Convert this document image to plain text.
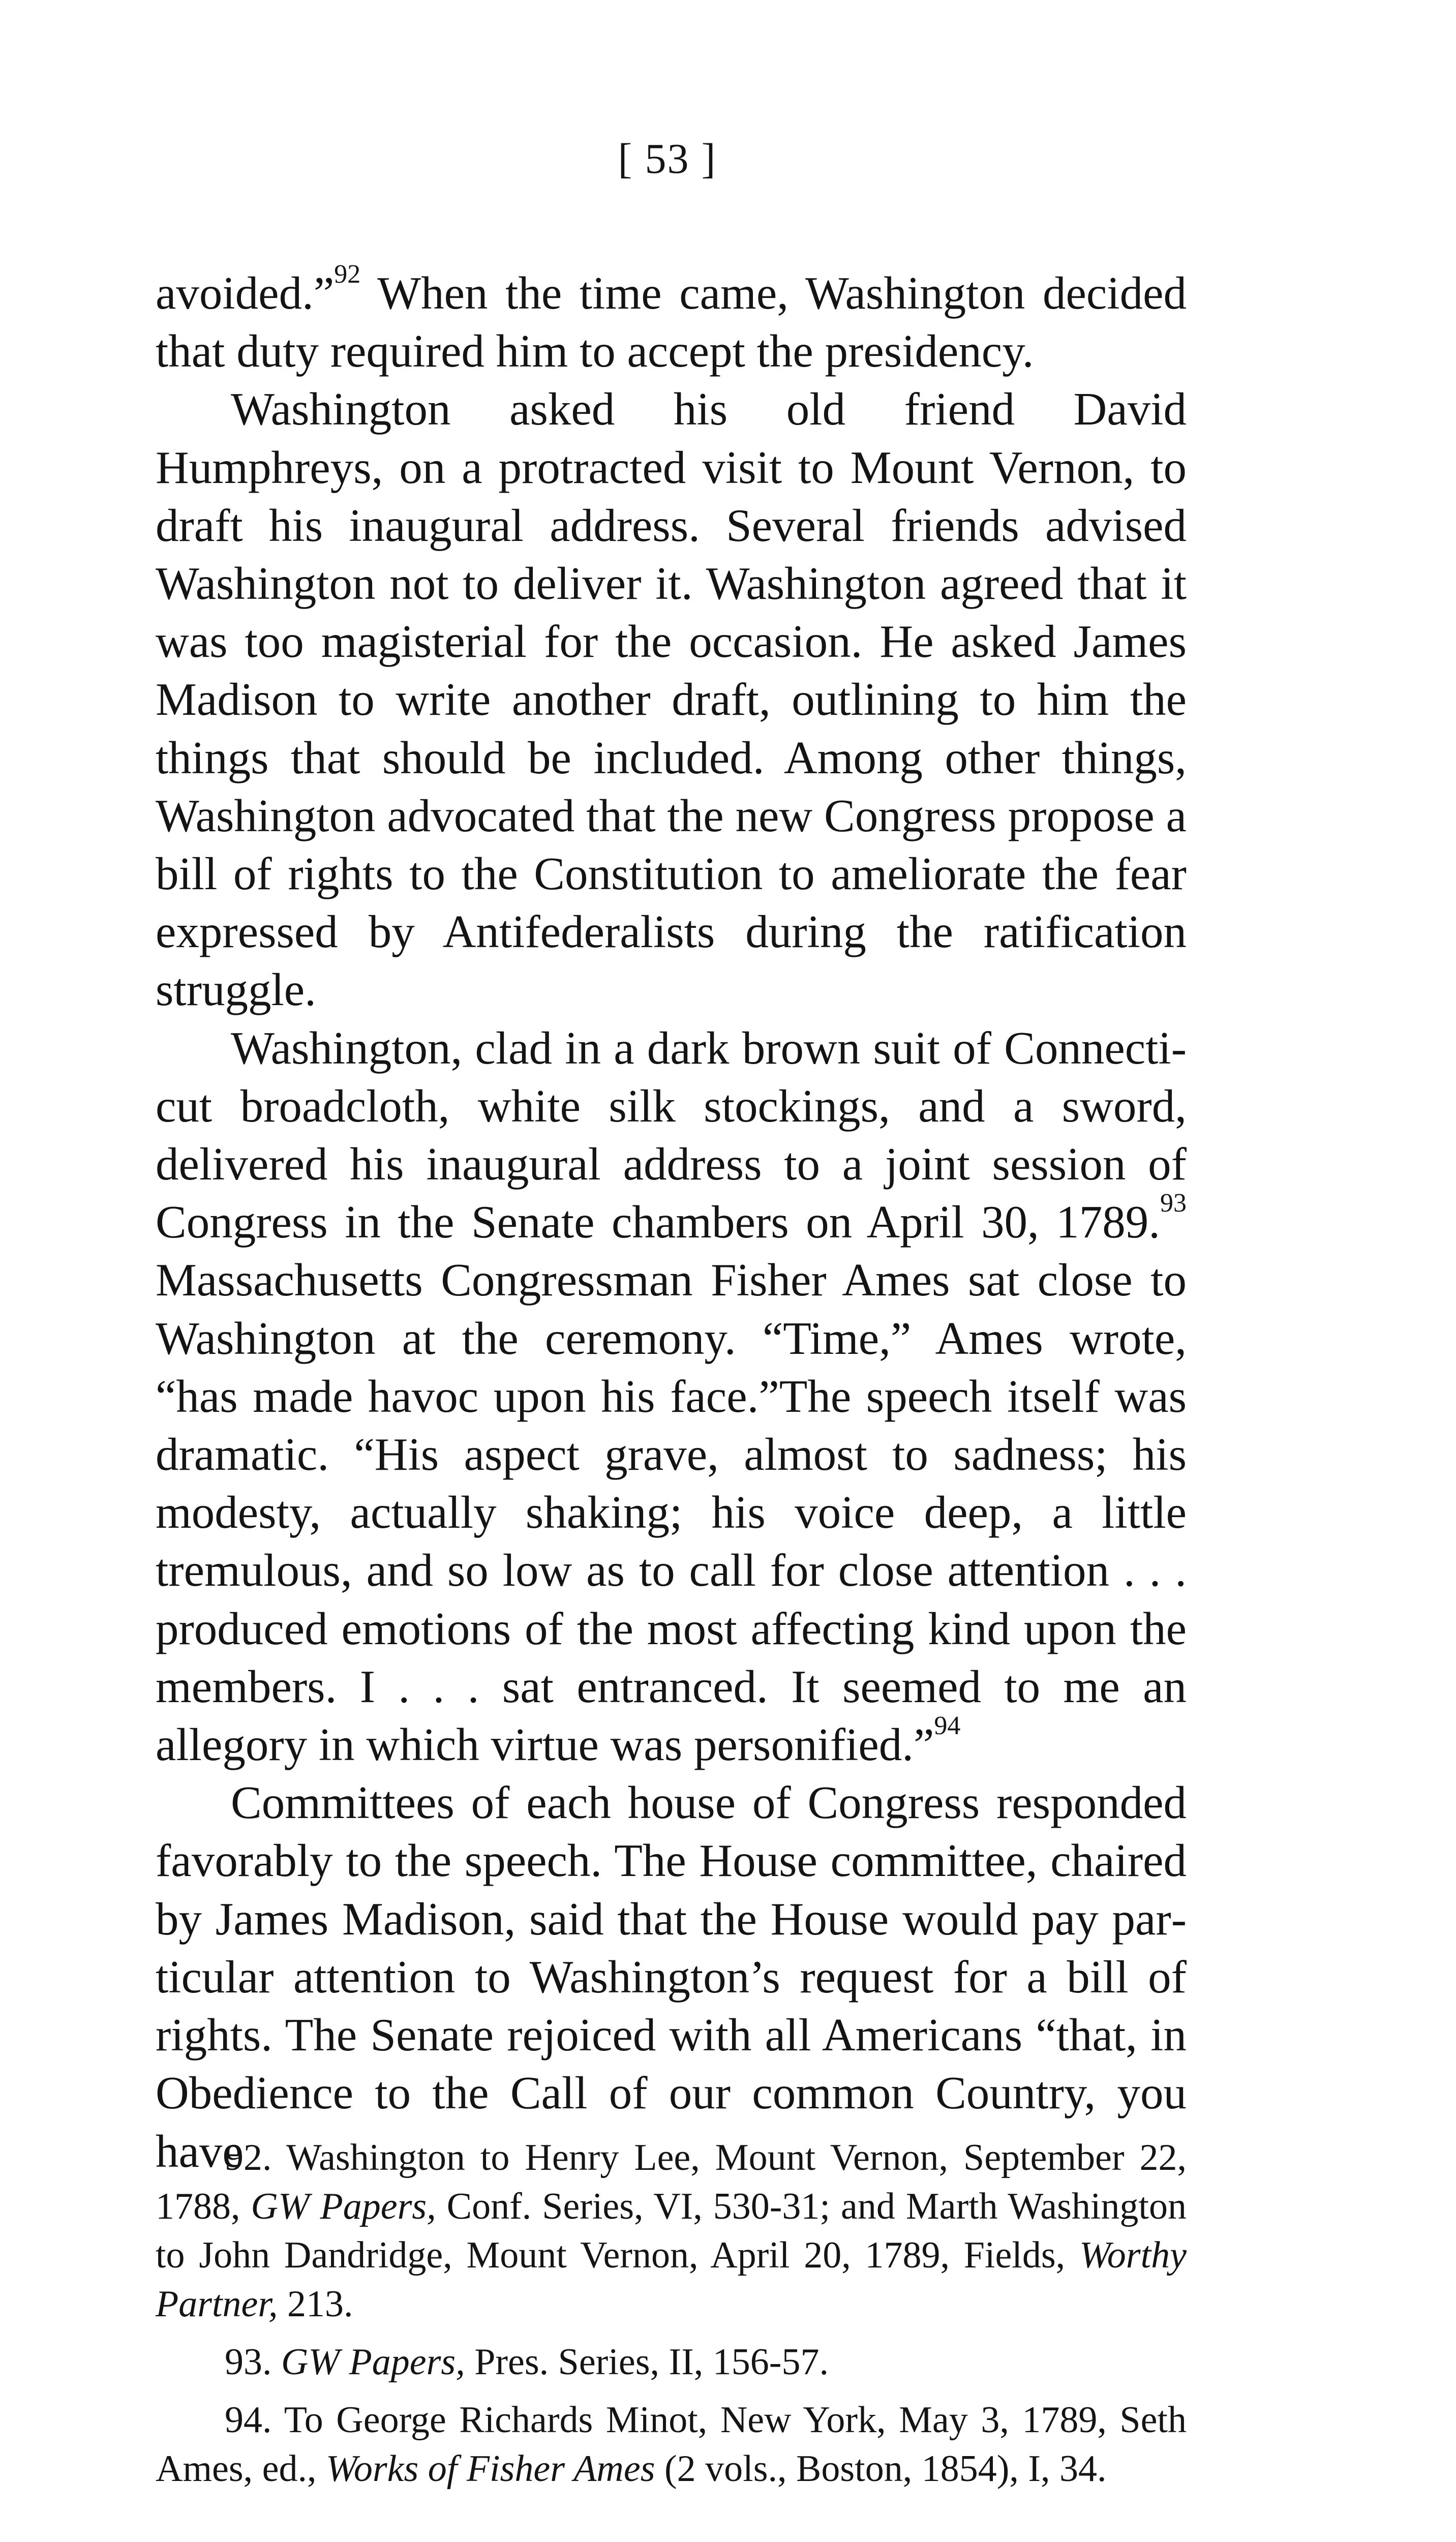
[ 53 ]

avoided.”$^{92}$ When the time came, Washington decided that duty required him to accept the presidency.

Washington asked his old friend David Humphreys, on a protracted visit to Mount Vernon, to draft his inaugural address. Several friends advised Washington not to deliver it. Washington agreed that it was too magisterial for the occasion. He asked James Madison to write another draft, outlining to him the things that should be included. Among other things, Washington advocated that the new Congress propose a bill of rights to the Constitution to ameliorate the fear expressed by Antifederalists during the ratification struggle.

Washington, clad in a dark brown suit of Connecticut broadcloth, white silk stockings, and a sword, delivered his inaugural address to a joint session of Congress in the Senate chambers on April 30, 1789.93 Massachusetts Congressman Fisher Ames sat close to Washington at the ceremony. “Time,” Ames wrote, “has made havoc upon his face.”The speech itself was dramatic. “His aspect grave, almost to sadness; his modesty, actually shaking; his voice deep, a little tremulous, and so low as to call for close attention . . . produced emotions of the most affecting kind upon the members. I . . . sat entranced. It seemed to me an allegory in which virtue was personified.”$^{94}$

Committees of each house of Congress responded favorably to the speech. The House committee, chaired by James Madison, said that the House would pay particular attention to Washington’s request for a bill of rights. The Senate rejoiced with all Americans “that, in Obedience to the Call of our common Country, you have

92. Washington to Henry Lee, Mount Vernon, September 22, 1788, GW Papers, Conf. Series, VI, 530-31; and Marth Washington to John Dandridge, Mount Vernon, April 20, 1789, Fields, Worthy Partner, 213.

93. GW Papers, Pres. Series, II, 156-57.

94. To George Richards Minot, New York, May 3, 1789, Seth Ames, ed., Works of Fisher Ames (2 vols., Boston, 1854), I, 34.
